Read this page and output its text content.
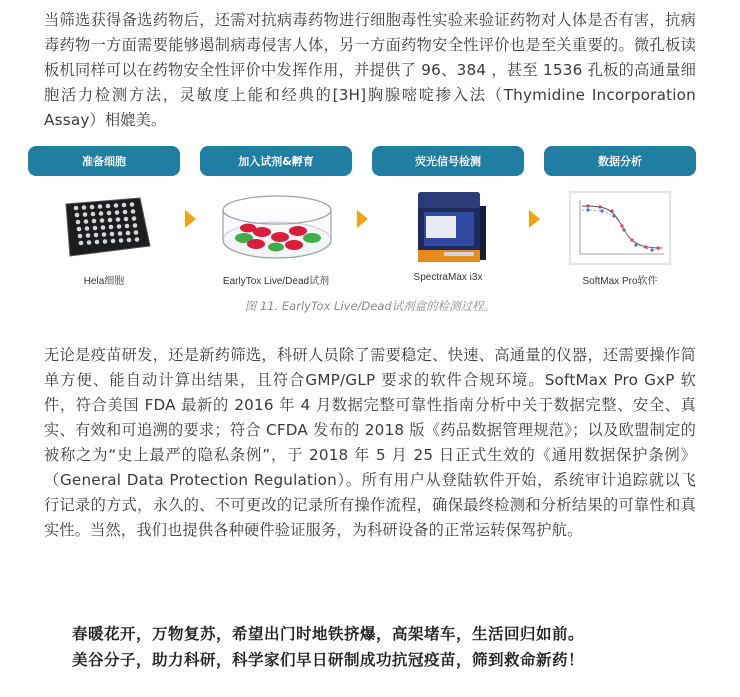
当筛选获得备选药物后，还需对抗病毒药物进行细胞毒性实验来验证药物对人体是否有害，抗病毒药物一方面需要能够遏制病毒侵害人体，另一方面药物安全性评价也是至关重要的。微孔板读板机同样可以在药物安全性评价中发挥作用，并提供了 96、384 ，甚至 1536 孔板的高通量细胞活力检测方法，灵敏度上能和经典的[3H]胸腺嘧啶掺入法（Thymidine Incorporation Assay）相媲美。

准备细胞	加入试剂&孵育	荧光信号检测	数据分析
Hela细胞	EarlyTox Live/Dead试剂	SpectraMax i3x	SoftMax Pro软件
图 11. EarlyTox Live/Dead试剂盒的检测过程。

无论是疫苗研发，还是新药筛选，科研人员除了需要稳定、快速、高通量的仪器，还需要操作简单方便、能自动计算出结果，且符合GMP/GLP 要求的软件合规环境。SoftMax Pro GxP 软件，符合美国 FDA 最新的 2016 年 4 月数据完整可靠性指南分析中关于数据完整、安全、真实、有效和可追溯的要求；符合 CFDA 发布的 2018 版《药品数据管理规范》；以及欧盟制定的被称之为“史上最严的隐私条例”，于 2018 年 5 月 25 日正式生效的《通用数据保护条例》（General Data Protection Regulation）。所有用户从登陆软件开始，系统审计追踪就以飞行记录的方式，永久的、不可更改的记录所有操作流程，确保最终检测和分析结果的可靠性和真实性。当然，我们也提供各种硬件验证服务，为科研设备的正常运转保驾护航。

春暖花开，万物复苏，希望出门时地铁挤爆，高架堵车，生活回归如前。
美谷分子，助力科研，科学家们早日研制成功抗冠疫苗，筛到救命新药！
